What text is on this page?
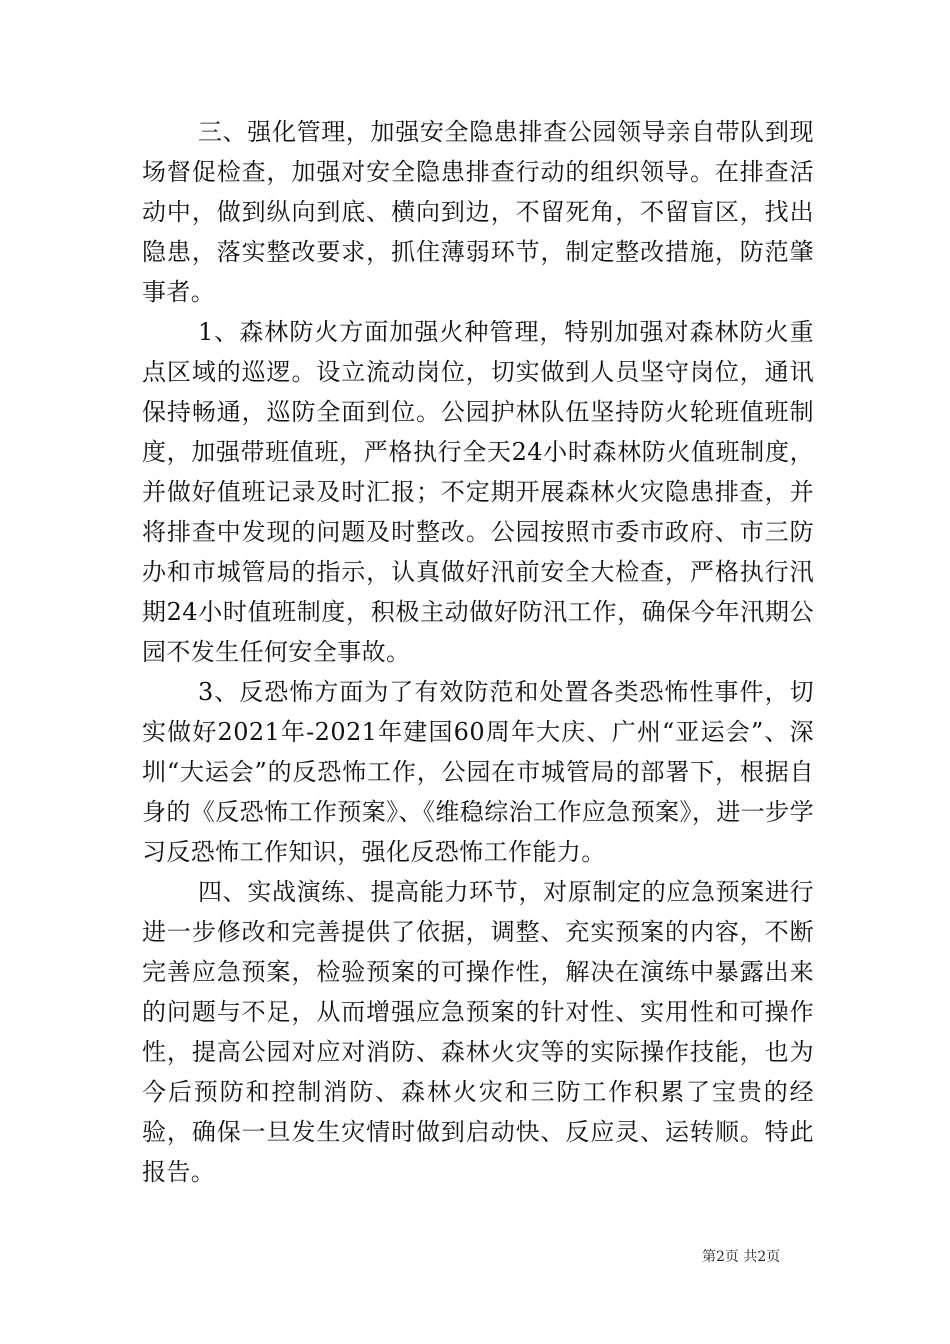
三、强化管理，加强安全隐患排查公园领导亲自带队到现场督促检查，加强对安全隐患排查行动的组织领导。在排查活动中，做到纵向到底、横向到边，不留死角，不留盲区，找出隐患，落实整改要求，抓住薄弱环节，制定整改措施，防范肇事者。

1、森林防火方面加强火种管理，特别加强对森林防火重点区域的巡逻。设立流动岗位，切实做到人员坚守岗位，通讯保持畅通，巡防全面到位。公园护林队伍坚持防火轮班值班制度，加强带班值班，严格执行全天24小时森林防火值班制度，并做好值班记录及时汇报；不定期开展森林火灾隐患排查，并将排查中发现的问题及时整改。公园按照市委市政府、市三防办和市城管局的指示，认真做好汛前安全大检查，严格执行汛期24小时值班制度，积极主动做好防汛工作，确保今年汛期公园不发生任何安全事故。

3、反恐怖方面为了有效防范和处置各类恐怖性事件，切实做好2021年-2021年建国60周年大庆、广州“亚运会”、深圳“大运会”的反恐怖工作，公园在市城管局的部署下，根据自身的《反恐怖工作预案》、《维稳综治工作应急预案》，进一步学习反恐怖工作知识，强化反恐怖工作能力。

四、实战演练、提高能力环节，对原制定的应急预案进行进一步修改和完善提供了依据，调整、充实预案的内容，不断完善应急预案，检验预案的可操作性，解决在演练中暴露出来的问题与不足，从而增强应急预案的针对性、实用性和可操作性，提高公园对应对消防、森林火灾等的实际操作技能，也为今后预防和控制消防、森林火灾和三防工作积累了宝贵的经验，确保一旦发生灾情时做到启动快、反应灵、运转顺。特此报告。

第2页 共2页
